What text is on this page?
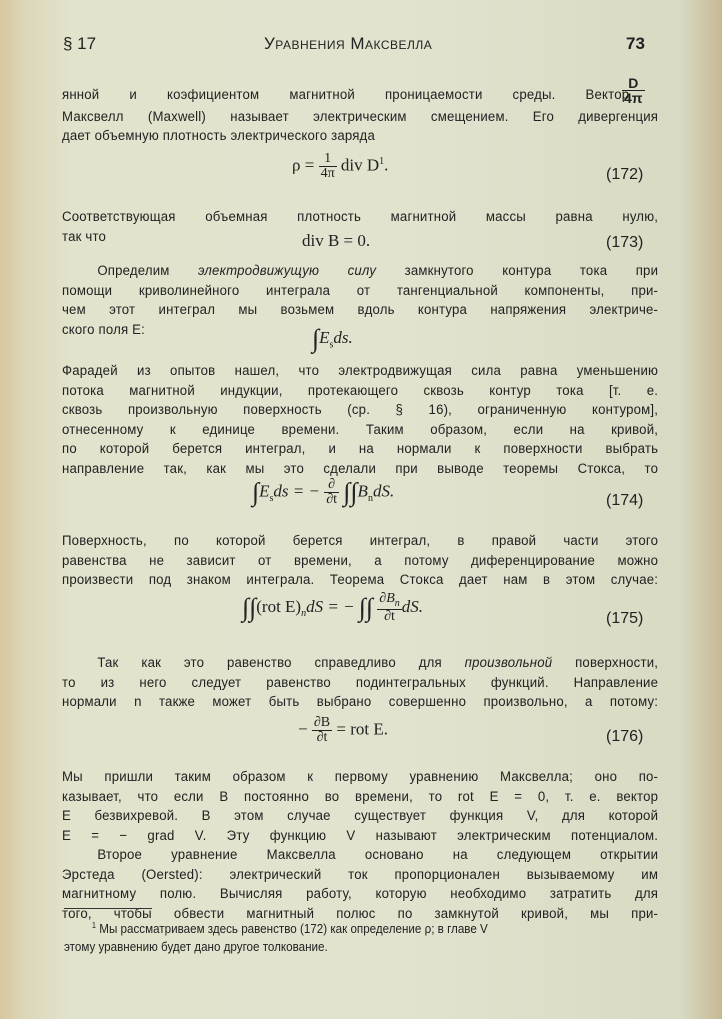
§ 17	Уравнения Максвелла	73
янной и коэфициентом магнитной проницаемости среды. Вектор
Максвелл (Maxwell) называет электрическим смещением. Его дивергенция
дает объемную плотность электрического заряда
$\frac{D}{4\pi}$
$\rho = \frac{1}{4\pi}$ div $D^1$.
(172)
Соответствующая объемная плотность магнитной массы равна нулю,
так что	div B = 0.	(173)
Определим электродвижущую силу замкнутого контура тока при
помощи криволинейного интеграла от тангенциальной компоненты, при-
чем этот интеграл мы возьмем вдоль контура напряжения электриче-
ского поля E:	$\int E_sds$.
Фарадей из опытов нашел, что электродвижущая сила равна уменьшению
потока магнитной индукции, протекающего сквозь контур тока [т. е.
сквозь произвольную поверхность (ср. § 16), ограниченную контуром],
отнесенному к единице времени. Таким образом, если на кривой,
по которой берется интеграл, и на нормали к поверхности выбрать
направление так, как мы это сделали при выводе теоремы Стокса, то
$\int E_sds$ = − $\frac{\partial}{\partial t} \int\int B_ndS$.
(174)
Поверхность, по которой берется интеграл, в правой части этого
равенства не зависит от времени, а потому диференцирование можно
произвести под знаком интеграла. Теорема Стокса дает нам в этом случае:
∫∫(rot $E)_ndS$ = − ∫∫ $\frac{\partial B_n}{\partial t}$ dS.
(175)
Так как это равенство справедливо для произвольной поверхности,
то из него следует равенство подинтегральных функций. Направление
нормали n также может быть выбрано совершенно произвольно, а потому:
− $\frac{\partial B}{\partial t}$ = rot E.	(176)
Мы пришли таким образом к первому уравнению Максвелла; оно по-
казывает, что если B постоянно во времени, то rot E = 0, т. е. вектор
E безвихревой. В этом случае существует функция V, для которой
E = − grad V. Эту функцию V называют электрическим потенциалом.
Второе уравнение Максвелла основано на следующем открытии
Эрстеда (Oersted): электрический ток пропорционален вызываемому им
магнитному полю. Вычисляя работу, которую необходимо затратить для
того, чтобы обвести магнитный полюс по замкнутой кривой, мы при-
$^1$ Мы рассматриваем здесь равенство (172) как определение ρ; в главе V
этому уравнению будет дано другое толкование.
